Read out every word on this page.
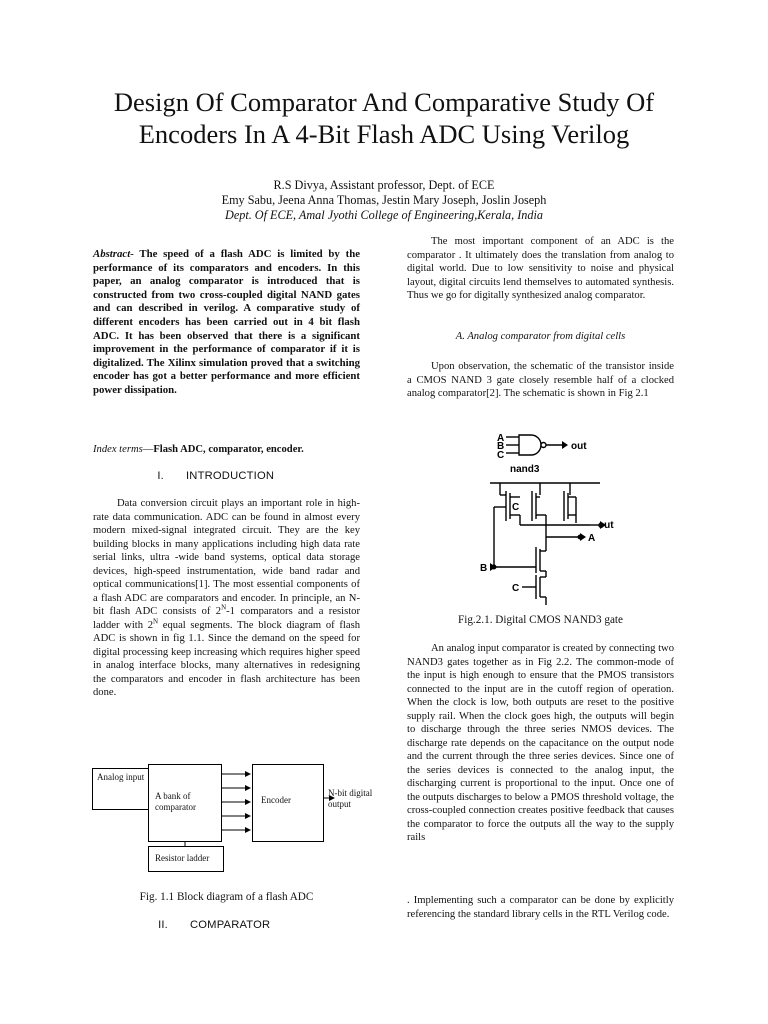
Design Of Comparator And Comparative Study Of
Encoders In A 4-Bit Flash ADC Using Verilog
R.S Divya, Assistant professor, Dept. of ECE
Emy Sabu, Jeena Anna Thomas, Jestin Mary Joseph, Joslin Joseph
Dept. Of ECE, Amal Jyothi College of Engineering,Kerala, India
Abstract- The speed of a flash ADC is limited by the performance of its comparators and encoders. In this paper, an analog comparator is introduced that is constructed from two cross-coupled digital NAND gates and can described in verilog. A comparative study of different encoders has been carried out in 4 bit flash ADC. It has been observed that there is a significant improvement in the performance of comparator if it is digitalized. The Xilinx simulation proved that a switching encoder has got a better performance and more efficient power dissipation.
Index terms—Flash ADC, comparator, encoder.
I. INTRODUCTION

Data conversion circuit plays an important role in high- rate data communication. ADC can be found in almost every modern mixed-signal integrated circuit. They are the key building blocks in many applications including high data rate serial links, ultra -wide band systems, optical data storage devices, high-speed instrumentation, wide band radar and optical communications[1]. The most essential components of a flash ADC are comparators and encoder. In principle, an N-bit flash ADC consists of $2^N-1$ comparators and a resistor ladder with $2^N$ equal segments. The block diagram of flash ADC is shown in fig 1.1. Since the demand on the speed for digital processing keep increasing which requires higher speed in analog interface blocks, many alternatives in redesigning the comparators and encoder in flash architecture has been done.

Analog input
A bank of comparator
Encoder
N-bit digital output
Resistor ladder
Fig. 1.1 Block diagram of a flash ADC
II. COMPARATOR

The most important component of an ADC is the comparator . It ultimately does the translation from analog to digital world. Due to low sensitivity to noise and physical layout, digital circuits lend themselves to automated synthesis. Thus we go for digitally synthesized analog comparator.

A. Analog comparator from digital cells

Upon observation, the schematic of the transistor inside a CMOS NAND 3 gate closely resemble half of a clocked analog comparator[2]. The schematic is shown in Fig 2.1

A
B
C
out
nand3
C
out
A
B
C
Fig.2.1. Digital CMOS NAND3 gate

An analog input comparator is created by connecting two NAND3 gates together as in Fig 2.2. The common-mode of the input is high enough to ensure that the PMOS transistors connected to the input are in the cutoff region of operation. When the clock is low, both outputs are reset to the positive supply rail. When the clock goes high, the outputs will begin to discharge through the three series NMOS devices. The discharge rate depends on the capacitance on the output node and the current through the three series devices. Since one of the series devices is connected to the analog input, the discharging current is proportional to the input. Once one of the outputs discharges to below a PMOS threshold voltage, the cross-coupled connection creates positive feedback that causes the comparator to force the outputs all the way to the supply rails

. Implementing such a comparator can be done by explicitly referencing the standard library cells in the RTL Verilog code.
